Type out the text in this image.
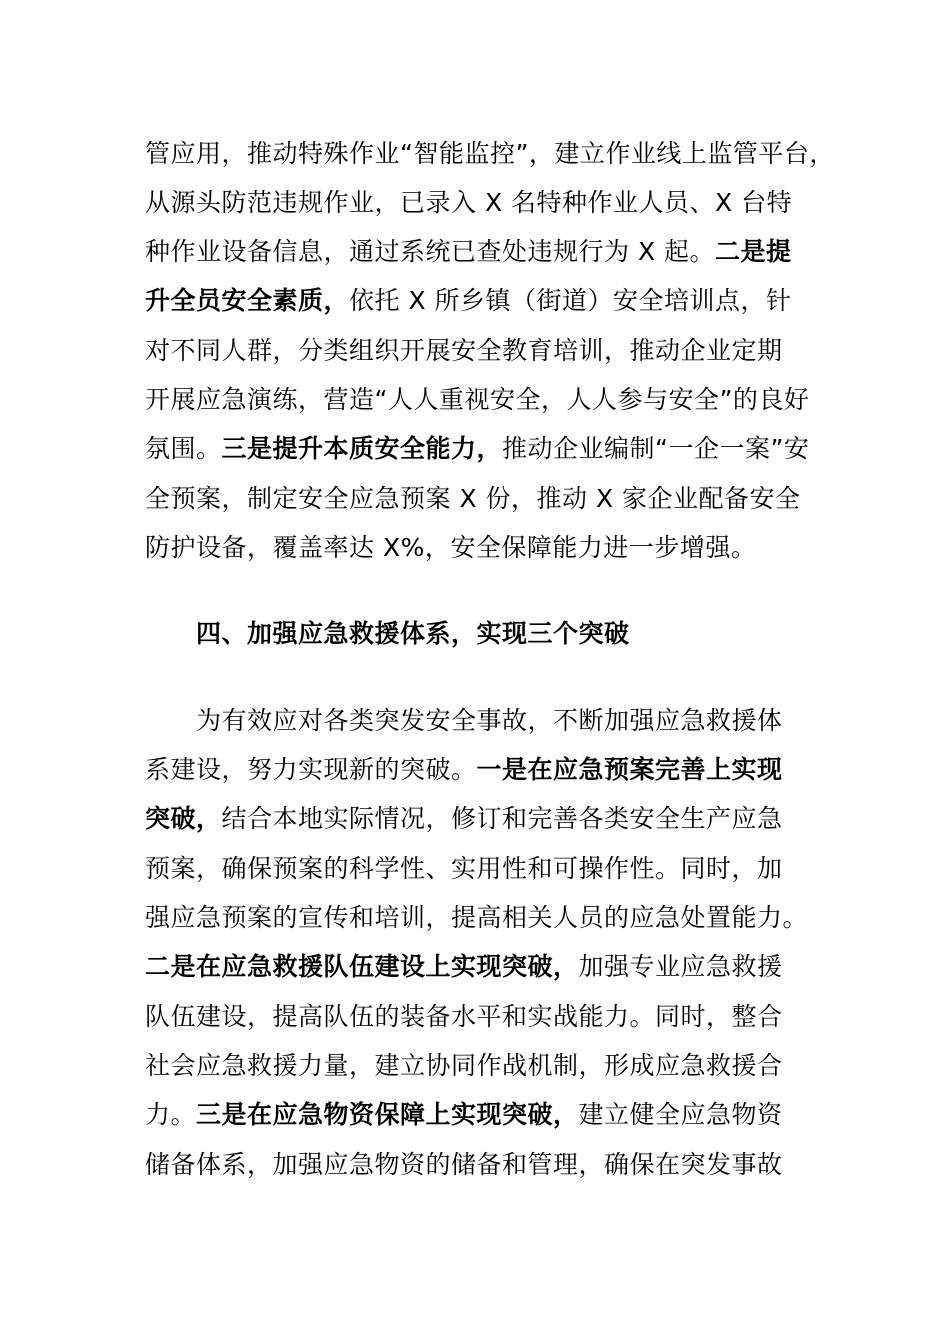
管应用，推动特殊作业“智能监控”，建立作业线上监管平台，
从源头防范违规作业，已录入 X 名特种作业人员、X 台特
种作业设备信息，通过系统已查处违规行为 X 起。二是提
升全员安全素质，依托 X 所乡镇（街道）安全培训点，针
对不同人群，分类组织开展安全教育培训，推动企业定期
开展应急演练，营造“人人重视安全，人人参与安全”的良好
氛围。三是提升本质安全能力，推动企业编制“一企一案”安
全预案，制定安全应急预案 X 份，推动 X 家企业配备安全
防护设备，覆盖率达 X%，安全保障能力进一步增强。
四、加强应急救援体系，实现三个突破
为有效应对各类突发安全事故，不断加强应急救援体
系建设，努力实现新的突破。一是在应急预案完善上实现
突破，结合本地实际情况，修订和完善各类安全生产应急
预案，确保预案的科学性、实用性和可操作性。同时，加
强应急预案的宣传和培训，提高相关人员的应急处置能力。
二是在应急救援队伍建设上实现突破，加强专业应急救援
队伍建设，提高队伍的装备水平和实战能力。同时，整合
社会应急救援力量，建立协同作战机制，形成应急救援合
力。三是在应急物资保障上实现突破，建立健全应急物资
储备体系，加强应急物资的储备和管理，确保在突发事故
